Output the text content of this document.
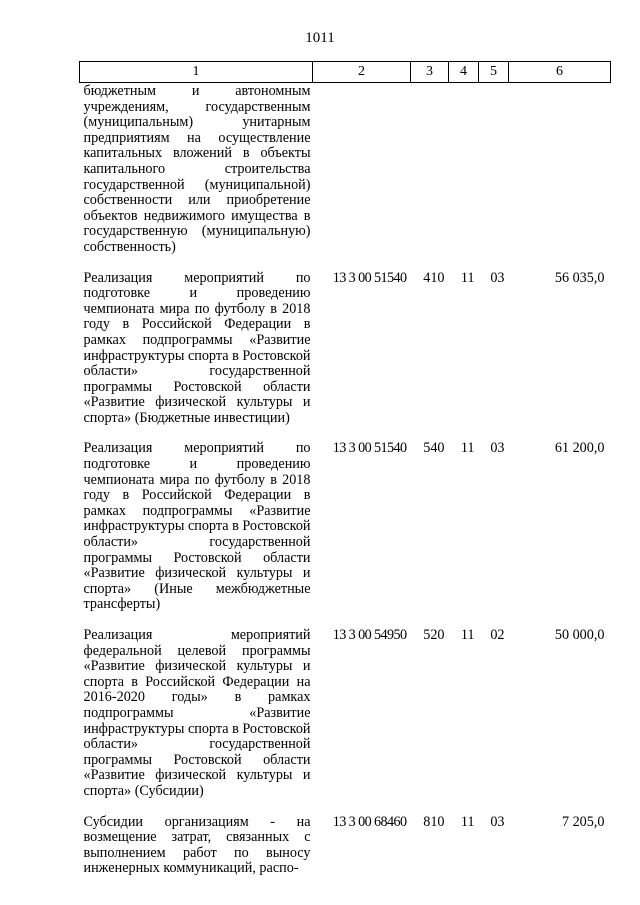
1011
1	2	3	4	5	6
бюджетным и автономным учреждениям, государственным (муниципальным) унитарным предприятиям на осуществление капитальных вложений в объекты капитального строительства государственной (муниципальной) собственности или приобретение объектов недвижимого имущества в государственную (муниципальную) собственность)					
Реализация мероприятий по подготовке и проведению чемпионата мира по футболу в 2018 году в Российской Федерации в рамках подпрограммы «Развитие инфраструктуры спорта в Ростовской области» государственной программы Ростовской области «Развитие физической культуры и спорта» (Бюджетные инвестиции)	13 3 00 51540	410	11	03	56 035,0
Реализация мероприятий по подготовке и проведению чемпионата мира по футболу в 2018 году в Российской Федерации в рамках подпрограммы «Развитие инфраструктуры спорта в Ростовской области» государственной программы Ростовской области «Развитие физической культуры и спорта» (Иные межбюджетные трансферты)	13 3 00 51540	540	11	03	61 200,0
Реализация мероприятий федеральной целевой программы «Развитие физической культуры и спорта в Российской Федерации на 2016-2020 годы» в рамках подпрограммы «Развитие инфраструктуры спорта в Ростовской области» государственной программы Ростовской области «Развитие физической культуры и спорта» (Субсидии)	13 3 00 54950	520	11	02	50 000,0
Субсидии организациям - на возмещение затрат, связанных с выполнением работ по выносу инженерных коммуникаций, распо-	13 3 00 68460	810	11	03	7 205,0
